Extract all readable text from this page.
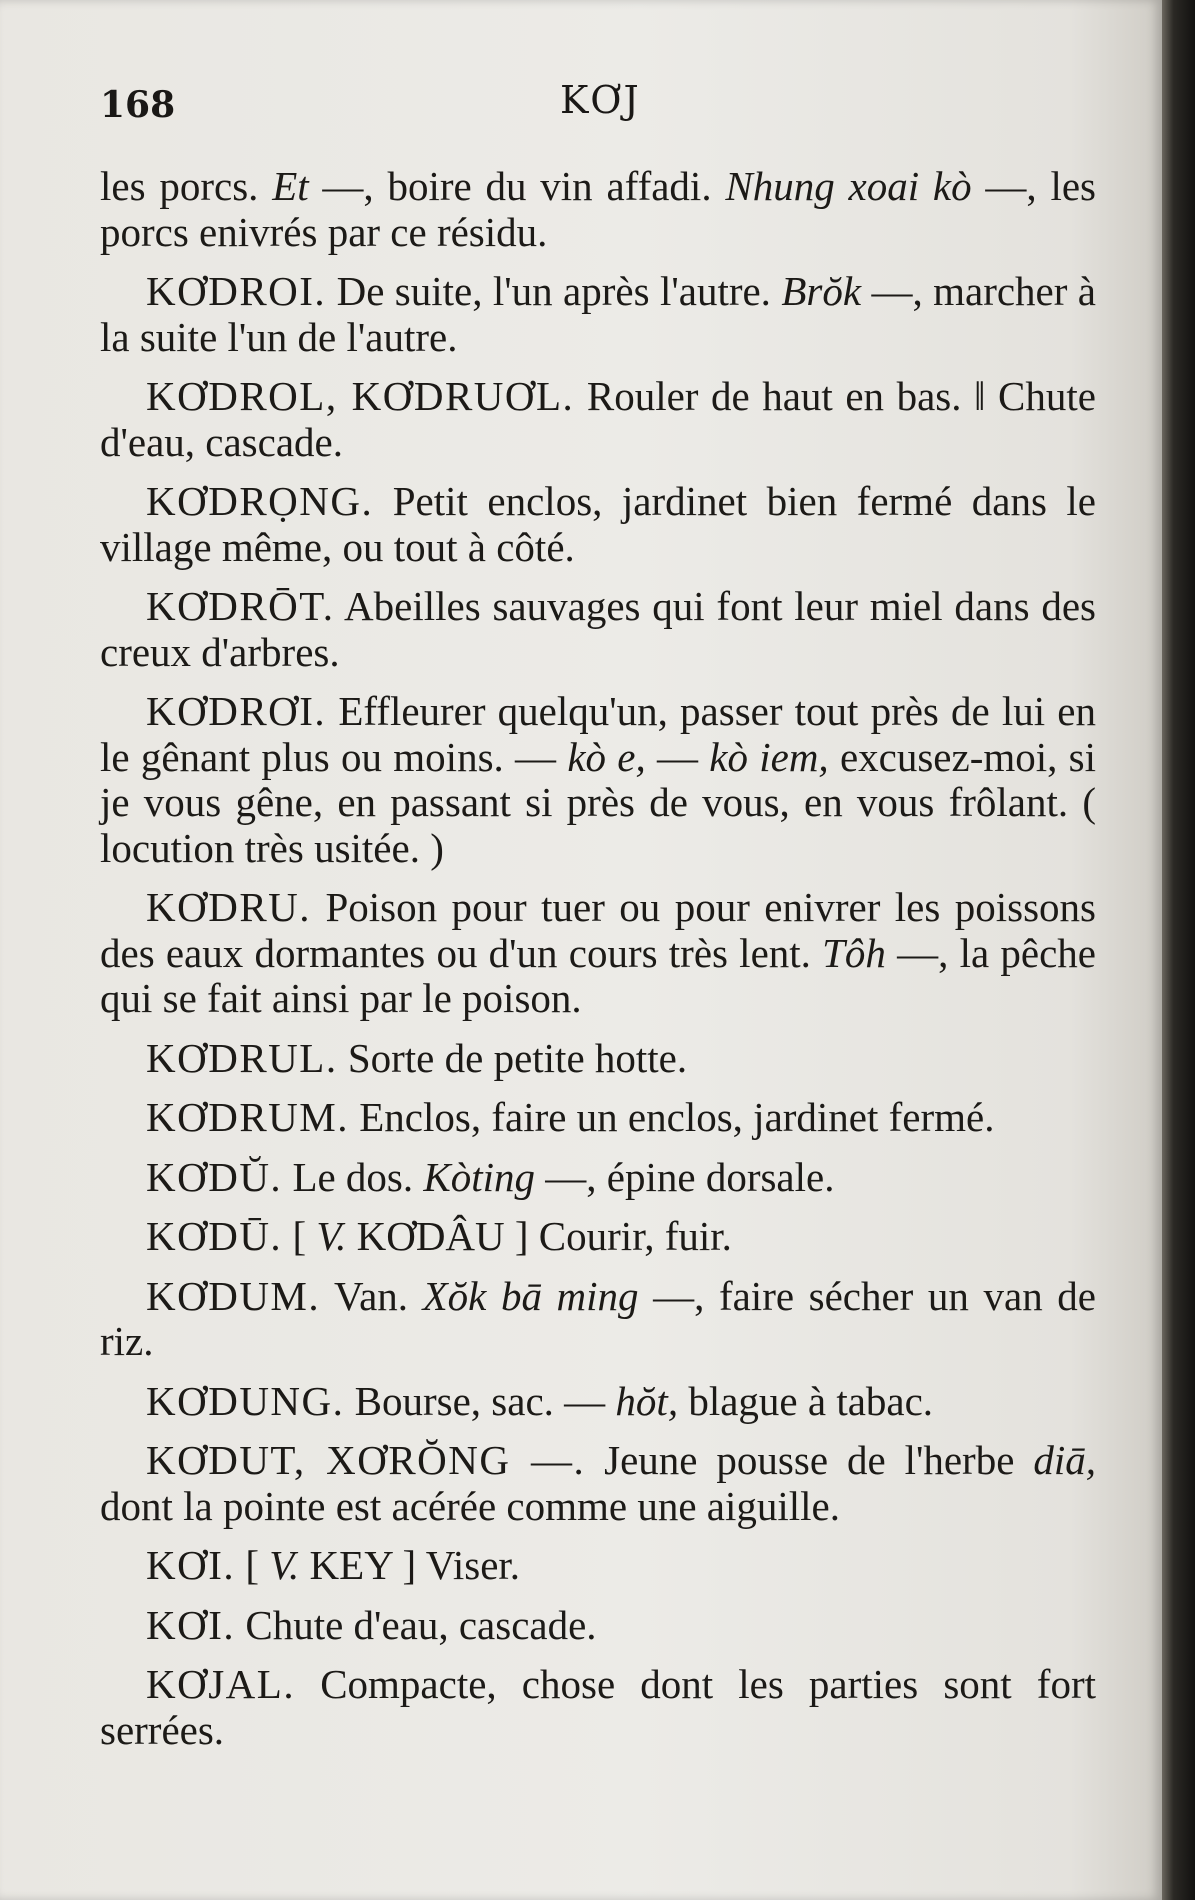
168	KƠJ

les porcs. Et —, boire du vin affadi. Nhung xoai kò —, les porcs enivrés par ce résidu.

KƠDROI. De suite, l'un après l'autre. Brŏk —, marcher à la suite l'un de l'autre.

KƠDROL, KƠDRUƠL. Rouler de haut en bas. ‖ Chute d'eau, cascade.

KƠDRỌNG. Petit enclos, jardinet bien fermé dans le village même, ou tout à côté.

KƠDRŌT. Abeilles sauvages qui font leur miel dans des creux d'arbres.

KƠDRƠI. Effleurer quelqu'un, passer tout près de lui en le gênant plus ou moins. — kò e, — kò iem, excusez-moi, si je vous gêne, en passant si près de vous, en vous frôlant. ( locution très usitée. )

KƠDRU. Poison pour tuer ou pour enivrer les poissons des eaux dormantes ou d'un cours très lent. Tôh —, la pêche qui se fait ainsi par le poison.

KƠDRUL. Sorte de petite hotte.

KƠDRUM. Enclos, faire un enclos, jardinet fermé.

KƠDŬ. Le dos. Kòting —, épine dorsale.

KƠDŪ. [ V. KƠDÂU ] Courir, fuir.

KƠDUM. Van. Xŏk bā ming —, faire sécher un van de riz.

KƠDUNG. Bourse, sac. — hŏt, blague à tabac.

KƠDUT, XƠRŎNG —. Jeune pousse de l'herbe diā, dont la pointe est acérée comme une aiguille.

KƠI. [ V. KEY ] Viser.

KƠI. Chute d'eau, cascade.

KƠJAL. Compacte, chose dont les parties sont fort serrées.
